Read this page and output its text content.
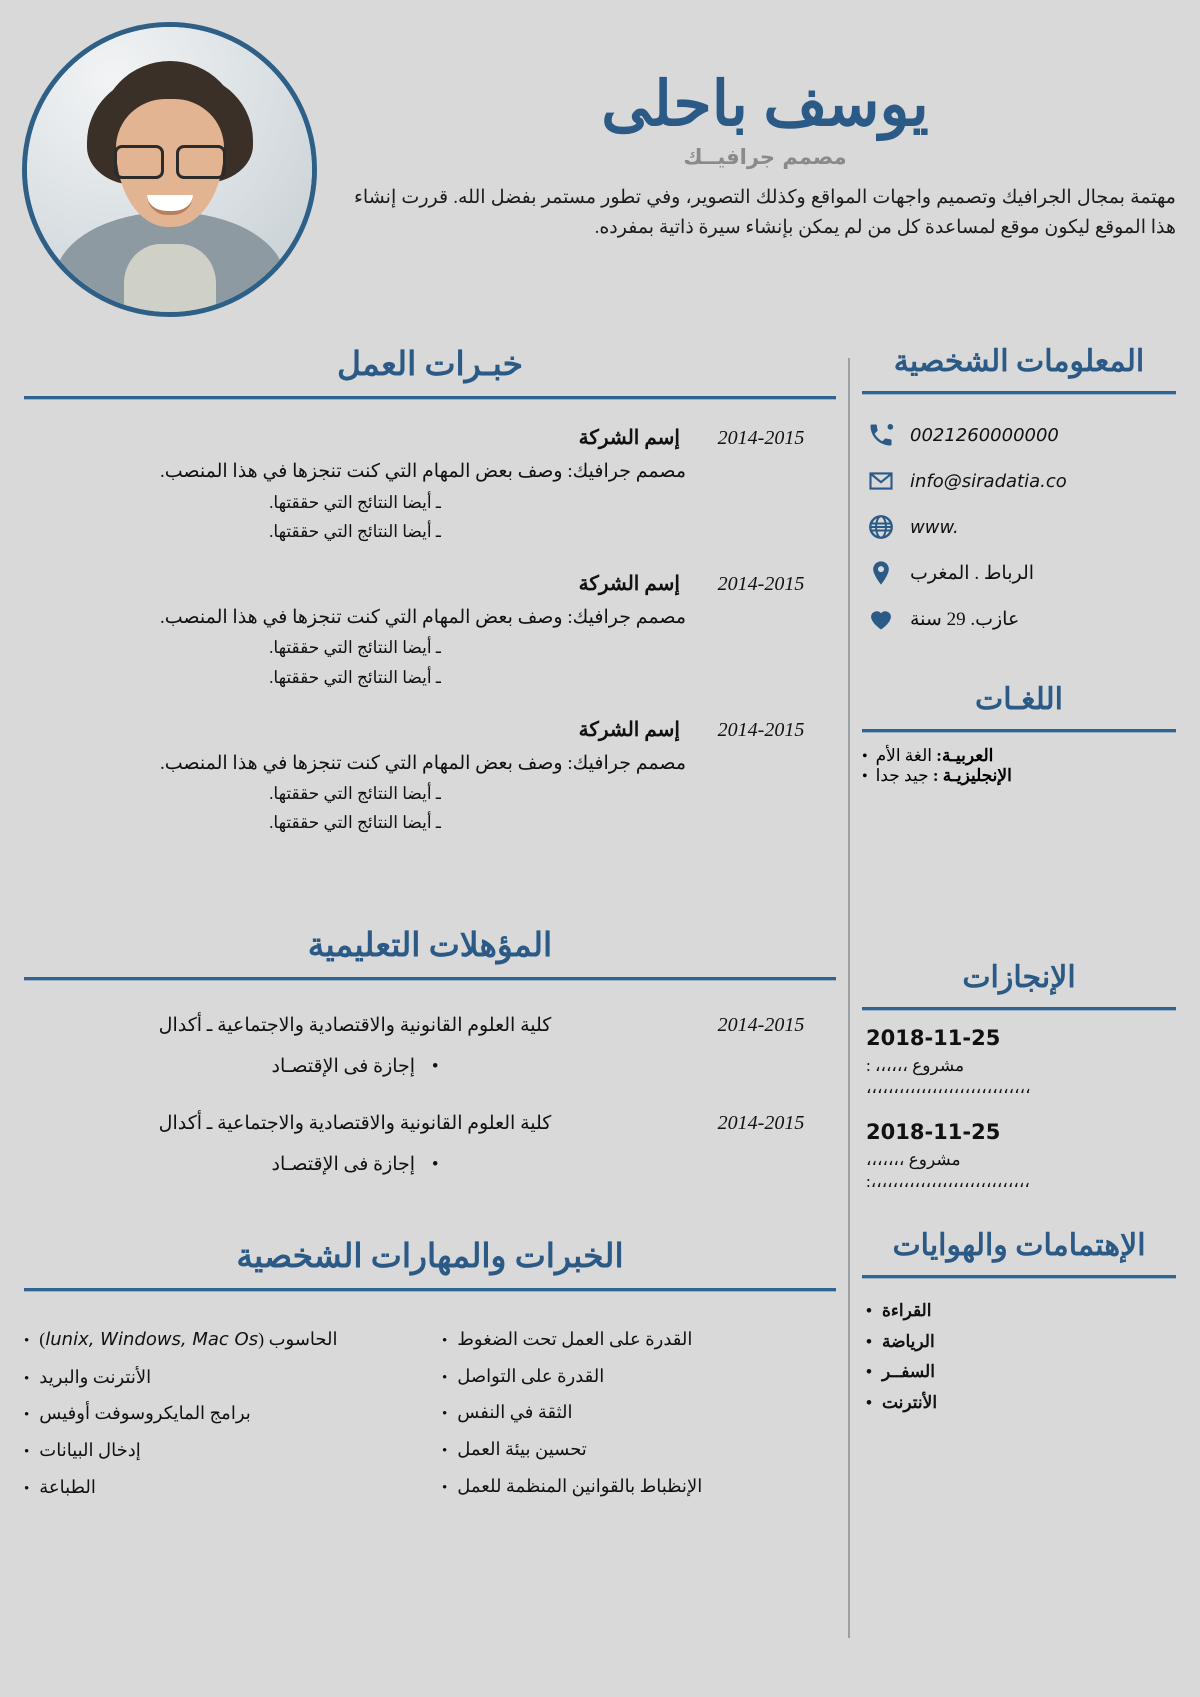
يوسف باحلى
مصمم جرافيــك
مهتمة بمجال الجرافيك وتصميم واجهات المواقع وكذلك التصوير، وفي تطور مستمر بفضل الله. قررت إنشاء هذا الموقع ليكون موقع لمساعدة كل من لم يمكن بإنشاء سيرة ذاتية بمفرده.
المعلومات الشخصية
0021260000000
info@siradatia.co
www.
الرباط . المغرب
عازب. 29 سنة
اللغـات
العربيـة: الغة الأم
•
الإنجليزيـة : جيد جدا
•
الإنجازات
2018-11-25
مشروع ،،،،،، :
،،،،،،،،،،،،،،،،،،،،،،،،،،،،،،
2018-11-25
مشروع ،،،،،،،
،،،،،،،،،،،،،،،،،،،،،،،،،،،،،:
الإهتمامات والهوايات
القراءة
•
الرياضة
•
السفــر
•
الأنترنت
•
خبـرات العمل
2014-2015
إسم الشركة
مصمم جرافيك: وصف بعض المهام التي كنت تنجزها في هذا المنصب.
ـ أيضا النتائج التي حققتها.
ـ أيضا النتائج التي حققتها.
2014-2015
إسم الشركة
مصمم جرافيك: وصف بعض المهام التي كنت تنجزها في هذا المنصب.
ـ أيضا النتائج التي حققتها.
ـ أيضا النتائج التي حققتها.
2014-2015
إسم الشركة
مصمم جرافيك: وصف بعض المهام التي كنت تنجزها في هذا المنصب.
ـ أيضا النتائج التي حققتها.
ـ أيضا النتائج التي حققتها.
المؤهلات التعليمية
2014-2015
كلية العلوم القانونية والاقتصادية والاجتماعية ـ أكدال
• إجازة فى الإقتصـاد
2014-2015
كلية العلوم القانونية والاقتصادية والاجتماعية ـ أكدال
• إجازة فى الإقتصـاد
الخبرات والمهارات الشخصية
القدرة على العمل تحت الضغوط
•
القدرة على التواصل
•
الثقة في النفس
•
تحسين بيئة العمل
•
الإنظباط بالقوانين المنظمة للعمل
•
الحاسوب (lunix, Windows, Mac Os)
•
الأنترنت والبريد
•
برامج المايكروسوفت أوفيس
•
إدخال البيانات
•
الطباعة
•
